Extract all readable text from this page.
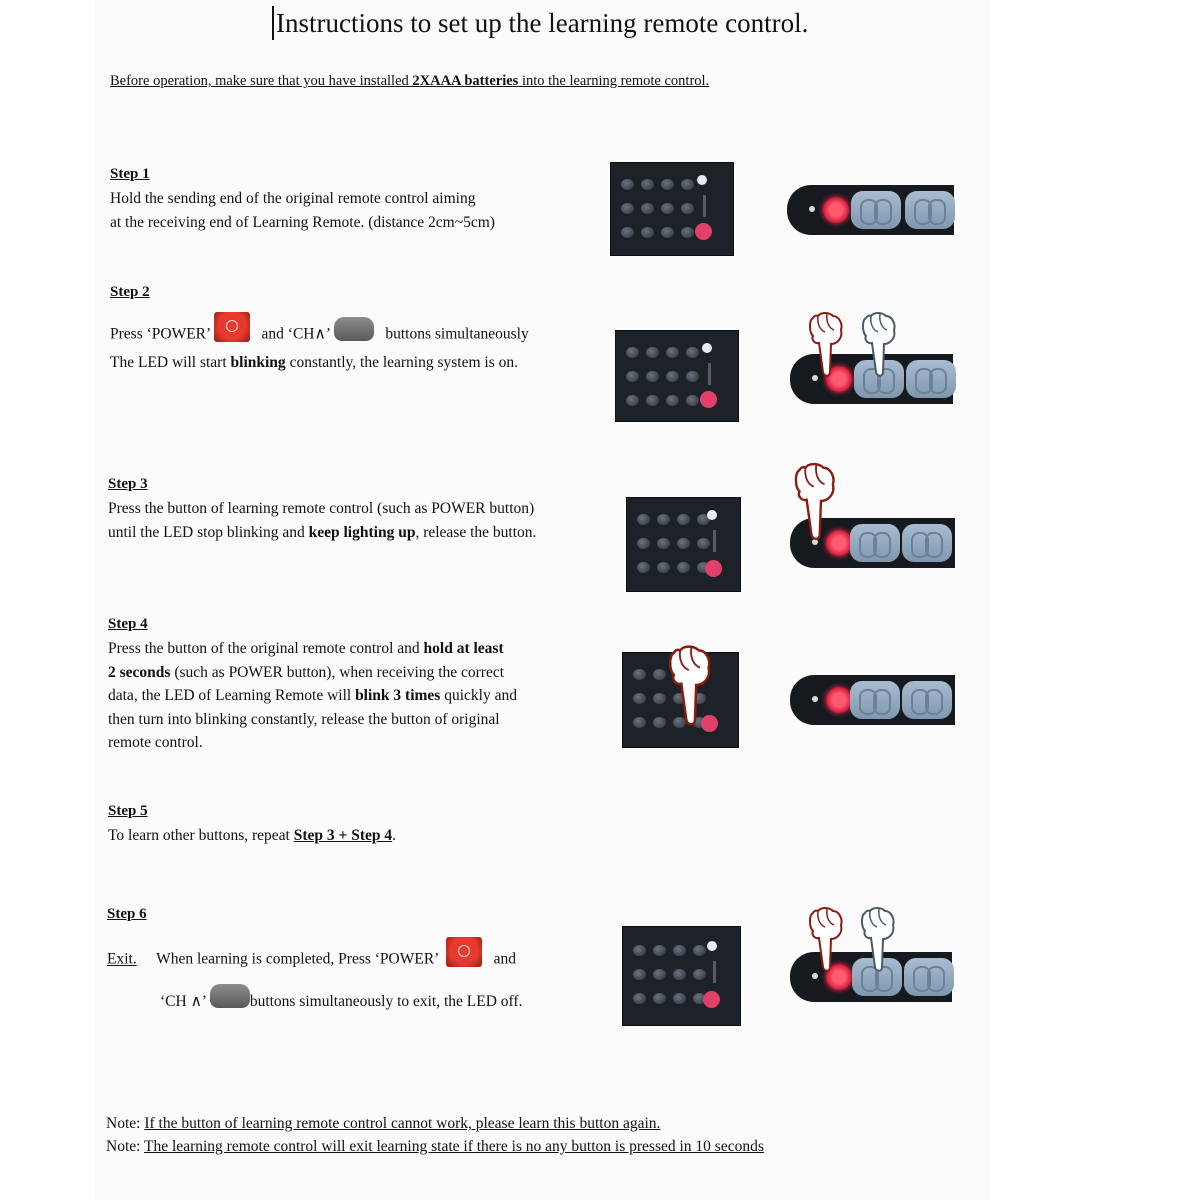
Instructions to set up the learning remote control.
Before operation, make sure that you have installed 2XAAA batteries into the learning remote control.
Step 1
Hold the sending end of the original remote control aiming
at the receiving end of Learning Remote. (distance 2cm~5cm)
Step 2
Press ‘POWER’	and ‘CH∧’	buttons simultaneously
The LED will start blinking constantly, the learning system is on.
Step 3
Press the button of learning remote control (such as POWER button)
until the LED stop blinking and keep lighting up, release the button.
Step 4
Press the button of the original remote control and hold at least
2 seconds (such as POWER button), when receiving the correct
data, the LED of Learning Remote will blink 3 times quickly and
then turn into blinking constantly, release the button of original
remote control.
Step 5
To learn other buttons, repeat Step 3 + Step 4.
Step 6
Exit. When learning is completed, Press ‘POWER’	and
‘CH ∧’	buttons simultaneously to exit, the LED off.
Note: If the button of learning remote control cannot work, please learn this button again.
Note: The learning remote control will exit learning state if there is no any button is pressed in 10 seconds
